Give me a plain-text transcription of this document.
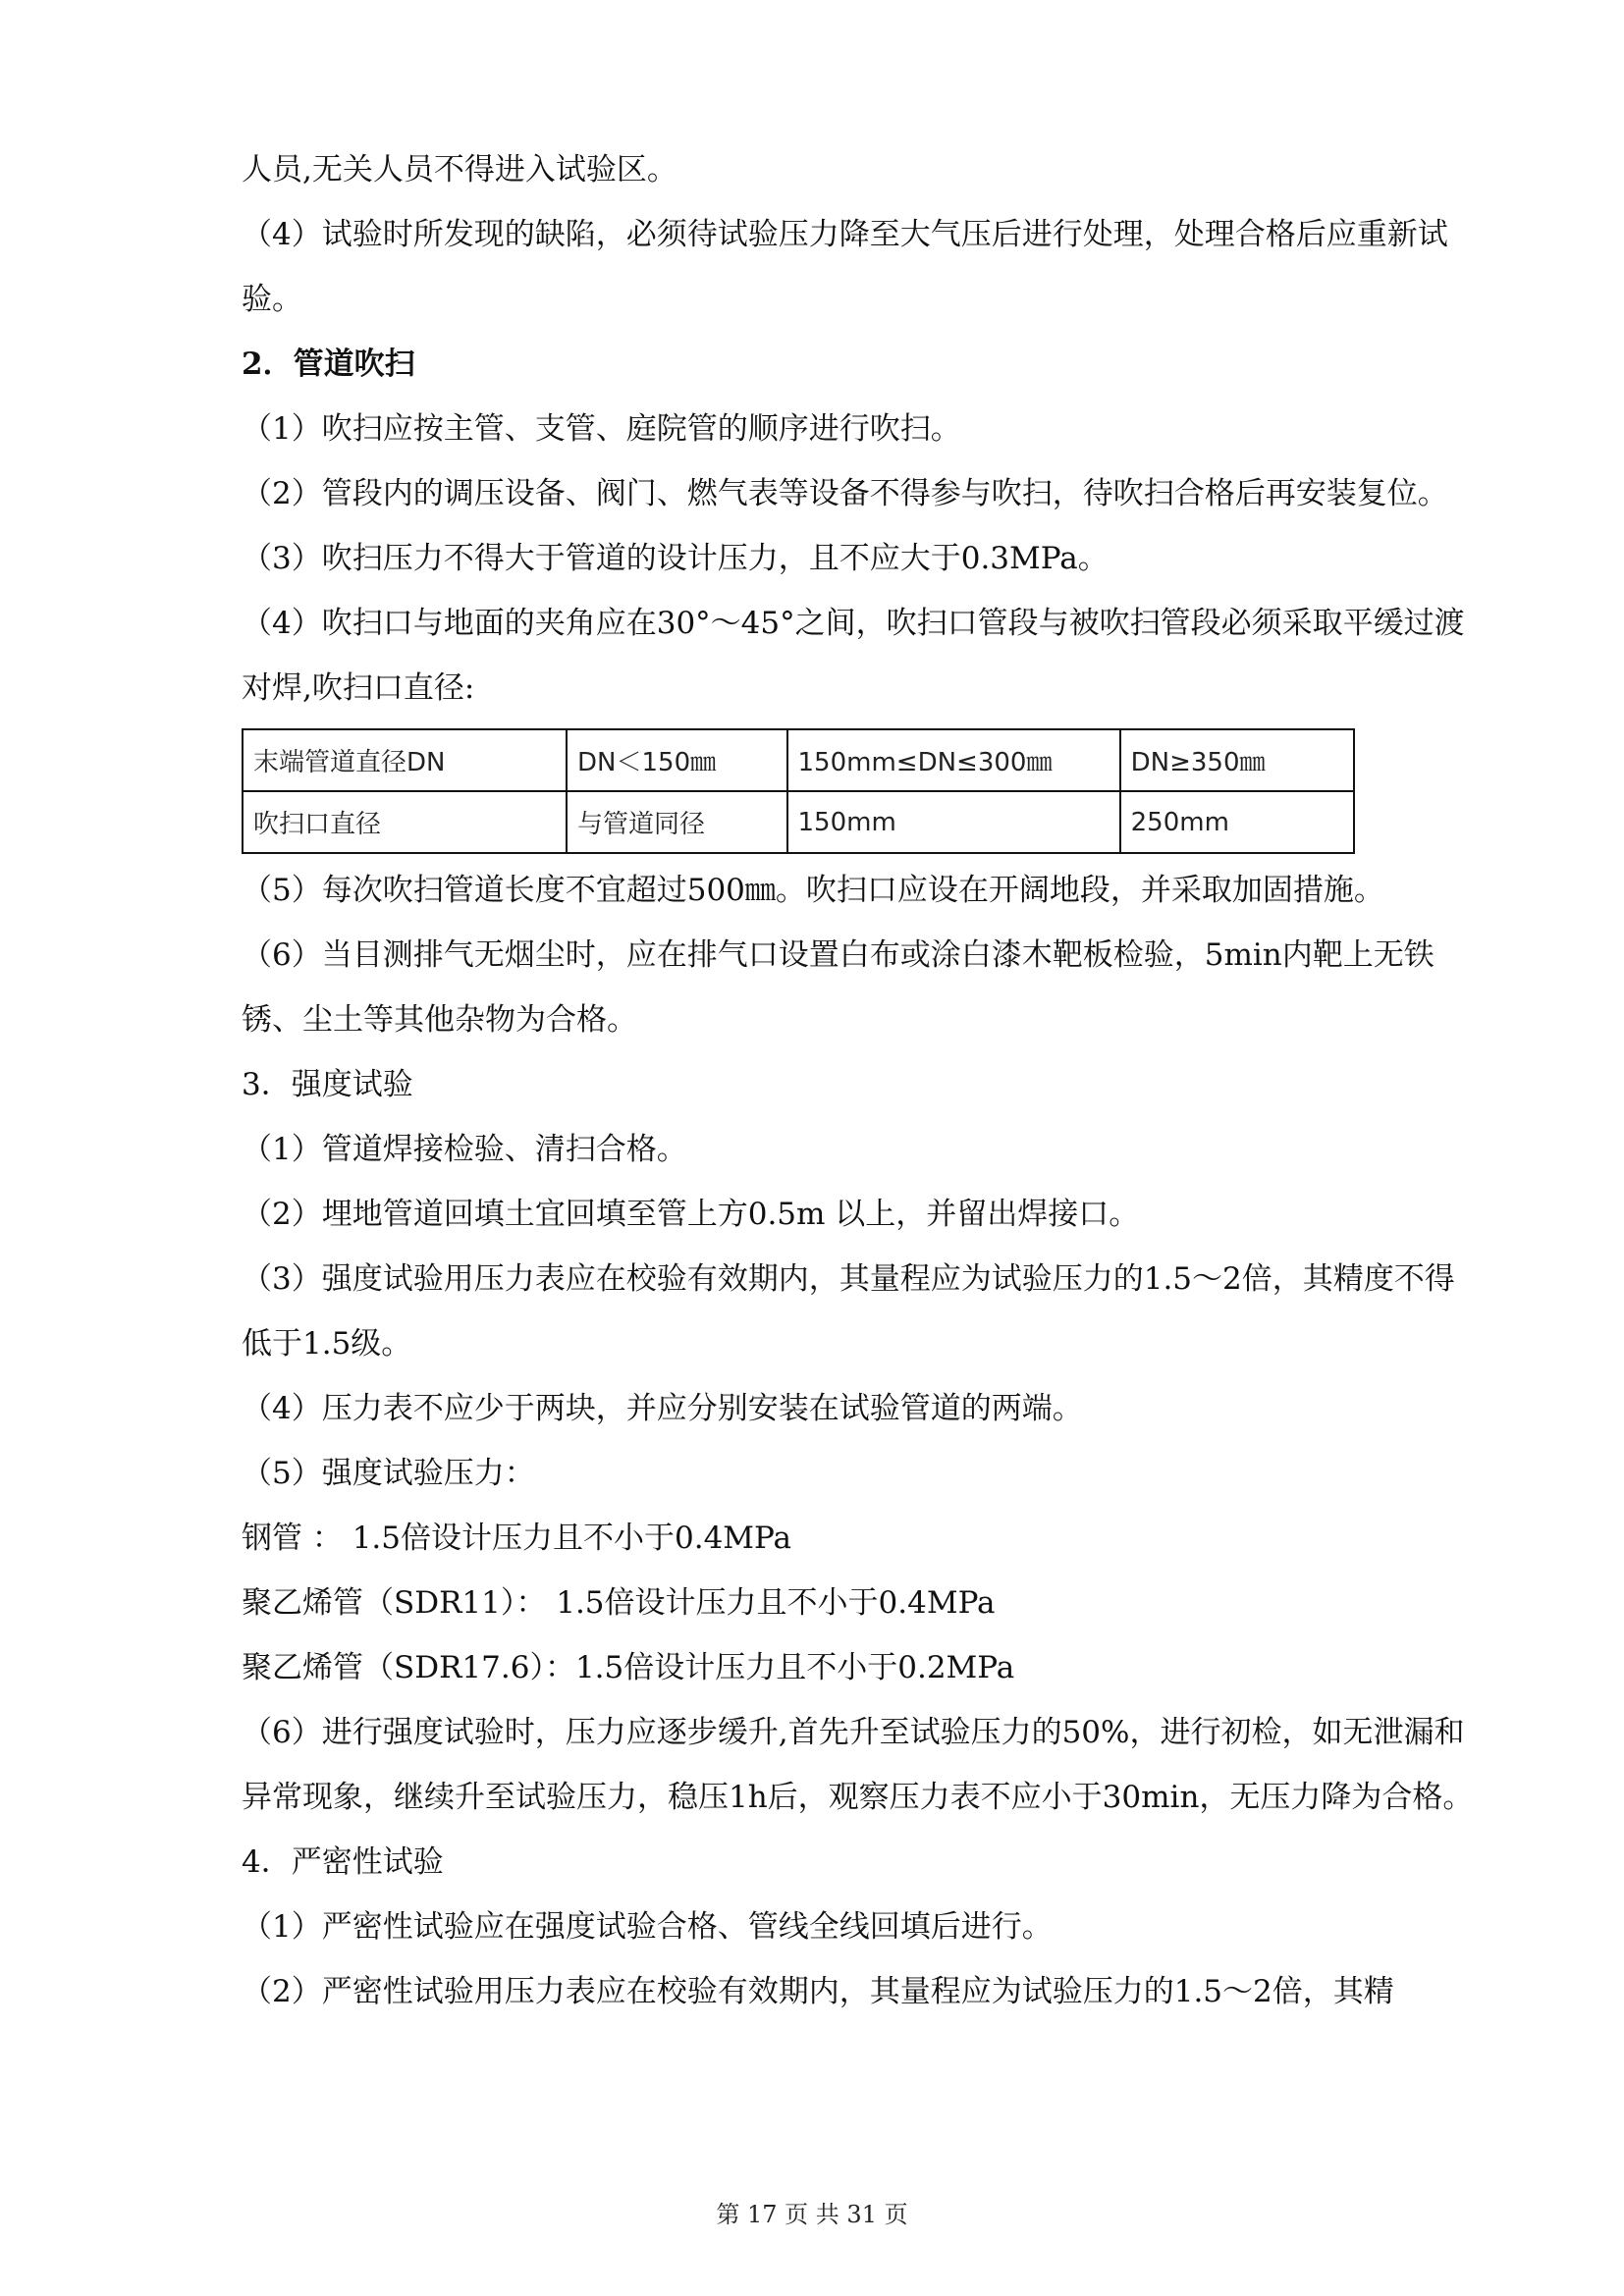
人员,无关人员不得进入试验区。

（4）试验时所发现的缺陷，必须待试验压力降至大气压后进行处理，处理合格后应重新试验。

2．管道吹扫

（1）吹扫应按主管、支管、庭院管的顺序进行吹扫。

（2）管段内的调压设备、阀门、燃气表等设备不得参与吹扫，待吹扫合格后再安装复位。

（3）吹扫压力不得大于管道的设计压力，且不应大于0.3MPa。

（4）吹扫口与地面的夹角应在30°～45°之间，吹扫口管段与被吹扫管段必须采取平缓过渡对焊,吹扫口直径:

末端管道直径DN	DN＜150㎜	150mm≤DN≤300㎜	DN≥350㎜
吹扫口直径	与管道同径	150mm	250mm

（5）每次吹扫管道长度不宜超过500㎜。吹扫口应设在开阔地段，并采取加固措施。

（6）当目测排气无烟尘时，应在排气口设置白布或涂白漆木靶板检验，5min内靶上无铁锈、尘土等其他杂物为合格。

3．强度试验

（1）管道焊接检验、清扫合格。

（2）埋地管道回填土宜回填至管上方0.5m 以上，并留出焊接口。

（3）强度试验用压力表应在校验有效期内，其量程应为试验压力的1.5～2倍，其精度不得低于1.5级。

（4）压力表不应少于两块，并应分别安装在试验管道的两端。

（5）强度试验压力：

钢管 ： 1.5倍设计压力且不小于0.4MPa

聚乙烯管（SDR11）： 1.5倍设计压力且不小于0.4MPa

聚乙烯管（SDR17.6）：1.5倍设计压力且不小于0.2MPa

（6）进行强度试验时，压力应逐步缓升,首先升至试验压力的50%，进行初检，如无泄漏和异常现象，继续升至试验压力，稳压1h后，观察压力表不应小于30min，无压力降为合格。

4．严密性试验

（1）严密性试验应在强度试验合格、管线全线回填后进行。

（2）严密性试验用压力表应在校验有效期内，其量程应为试验压力的1.5～2倍，其精

第 17 页 共 31 页
